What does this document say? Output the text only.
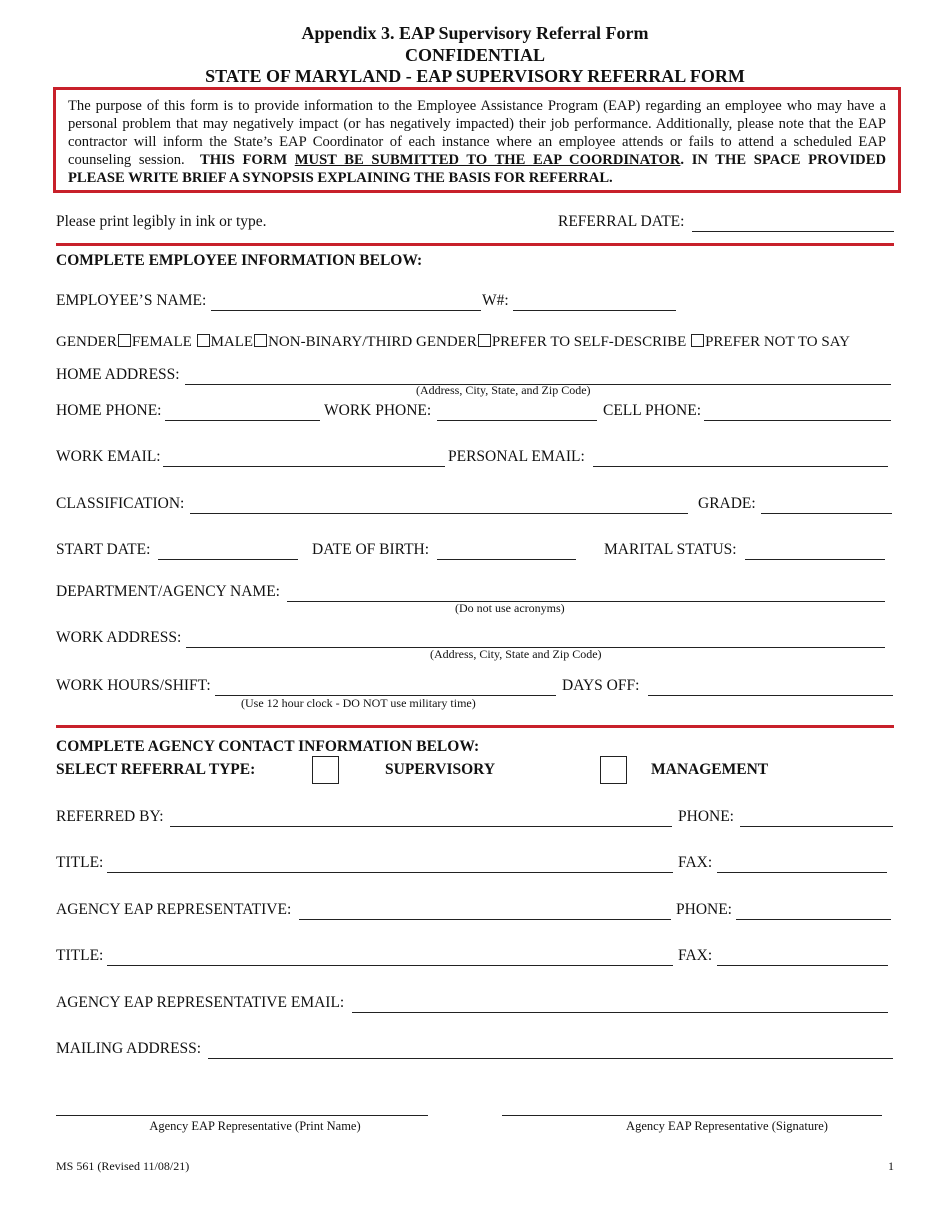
Appendix 3. EAP Supervisory Referral Form
CONFIDENTIAL
STATE OF MARYLAND - EAP SUPERVISORY REFERRAL FORM
The purpose of this form is to provide information to the Employee Assistance Program (EAP) regarding an employee who may have a personal problem that may negatively impact (or has negatively impacted) their job performance. Additionally, please note that the EAP contractor will inform the State’s EAP Coordinator of each instance where an employee attends or fails to attend a scheduled EAP counseling session. THIS FORM MUST BE SUBMITTED TO THE EAP COORDINATOR. IN THE SPACE PROVIDED PLEASE WRITE BRIEF A SYNOPSIS EXPLAINING THE BASIS FOR REFERRAL.
Please print legibly in ink or type.	REFERRAL DATE:
COMPLETE EMPLOYEE INFORMATION BELOW:
EMPLOYEE’S NAME:	W#:
GENDER FEMALE MALE NON-BINARY/THIRD GENDER PREFER TO SELF-DESCRIBE PREFER NOT TO SAY
HOME ADDRESS:
(Address, City, State, and Zip Code)
HOME PHONE:	WORK PHONE:	CELL PHONE:
WORK EMAIL:	PERSONAL EMAIL:
CLASSIFICATION:	GRADE:
START DATE:	DATE OF BIRTH:	MARITAL STATUS:
DEPARTMENT/AGENCY NAME:
(Do not use acronyms)
WORK ADDRESS:
(Address, City, State and Zip Code)
WORK HOURS/SHIFT:	DAYS OFF:
(Use 12 hour clock - DO NOT use military time)
COMPLETE AGENCY CONTACT INFORMATION BELOW:
SELECT REFERRAL TYPE:	SUPERVISORY	MANAGEMENT
REFERRED BY:	PHONE:
TITLE:	FAX:
AGENCY EAP REPRESENTATIVE:	PHONE:
TITLE:	FAX:
AGENCY EAP REPRESENTATIVE EMAIL:
MAILING ADDRESS:
Agency EAP Representative (Print Name)	Agency EAP Representative (Signature)
MS 561 (Revised 11/08/21)	1
